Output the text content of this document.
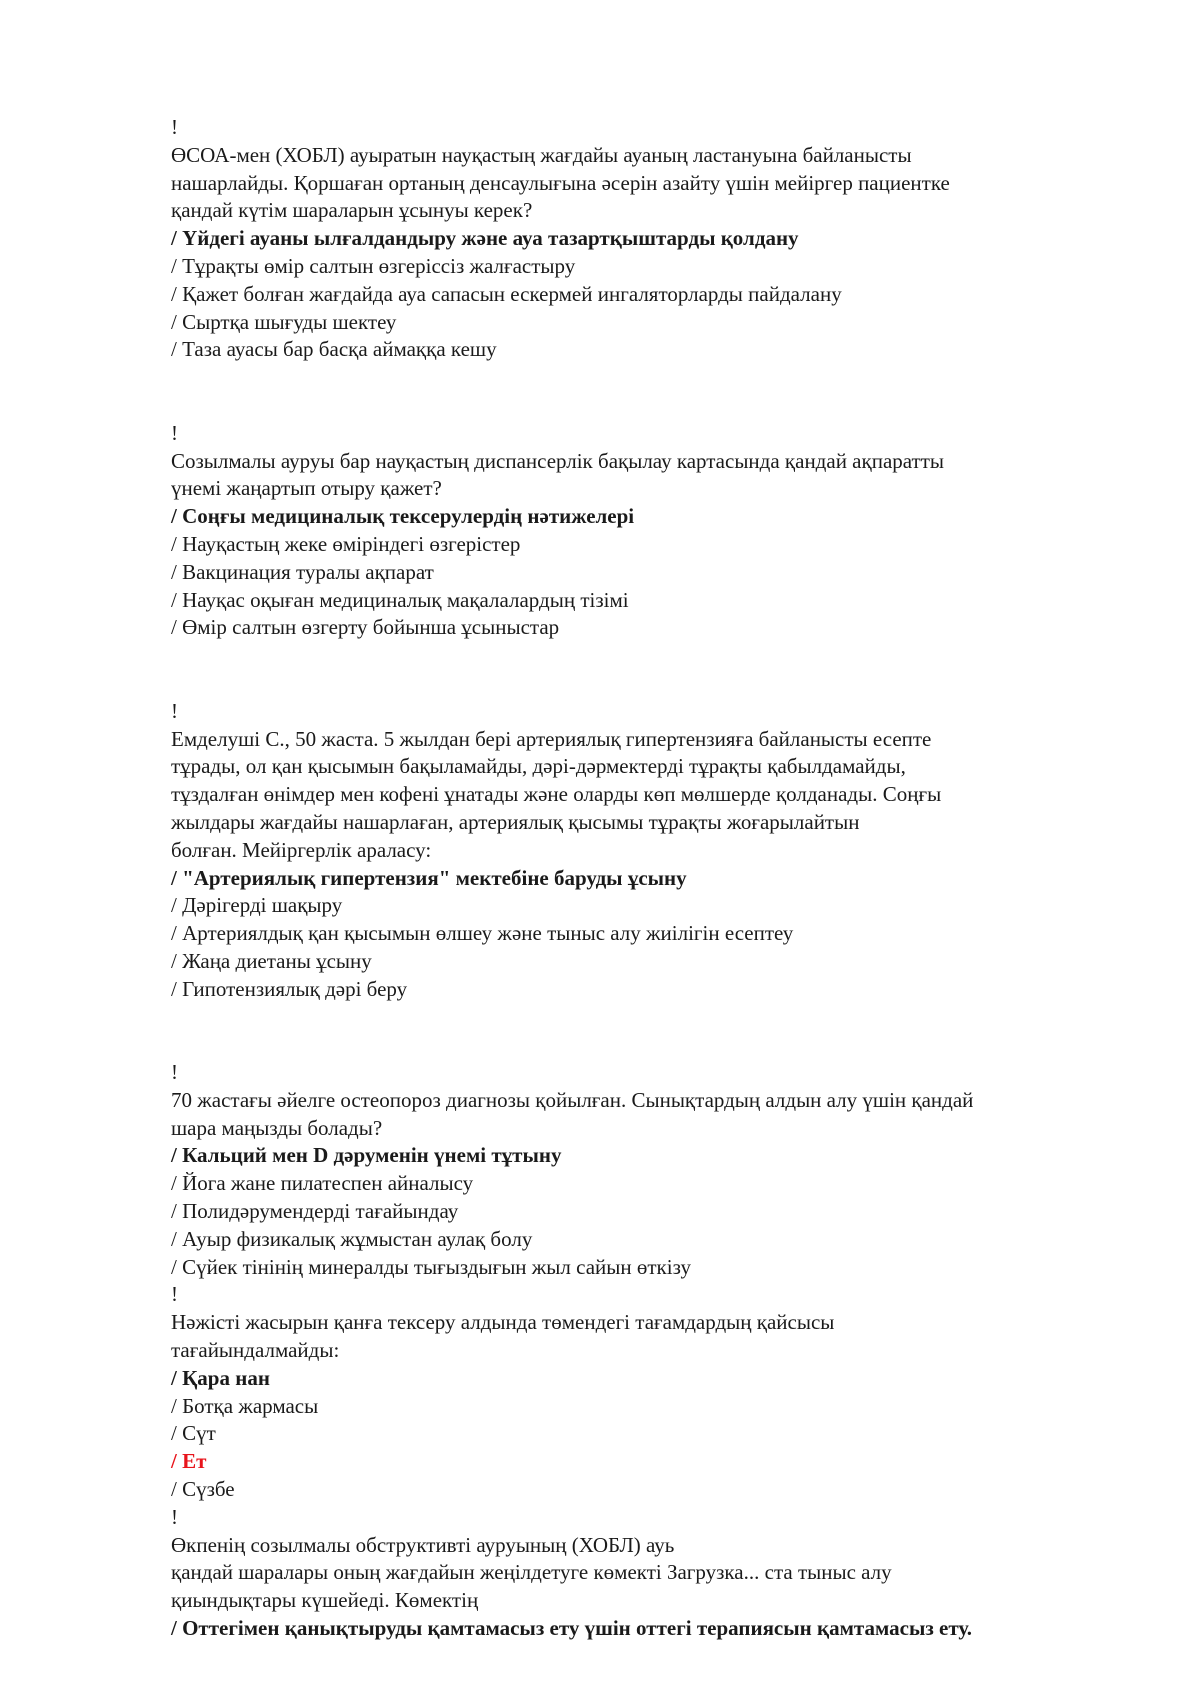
!

ӨСОА-мен (ХОБЛ) ауыратын науқастың жағдайы ауаның ластануына байланысты

нашарлайды. Қоршаған ортаның денсаулығына әсерін азайту үшін мейіргер пациентке

қандай күтім шараларын ұсынуы керек?

/ Үйдегі ауаны ылғалдандыру және ауа тазартқыштарды қолдану

/ Тұрақты өмір салтын өзгеріссіз жалғастыру

/ Қажет болған жағдайда ауа сапасын ескермей ингаляторларды пайдалану

/ Сыртқа шығуды шектеу

/ Таза ауасы бар басқа аймаққа кешу

!

Созылмалы ауруы бар науқастың диспансерлік бақылау картасында қандай ақпаратты

үнемі жаңартып отыру қажет?

/ Соңғы медициналық тексерулердің нәтижелері

/ Науқастың жеке өміріндегі өзгерістер

/ Вакцинация туралы ақпарат

/ Науқас оқыған медициналық мақалалардың тізімі

/ Өмір салтын өзгерту бойынша ұсыныстар

!

Емделуші С., 50 жаста. 5 жылдан бері артериялық гипертензияға байланысты есепте

тұрады, ол қан қысымын бақыламайды, дәрі-дәрмектерді тұрақты қабылдамайды,

тұздалған өнімдер мен кофені ұнатады және оларды көп мөлшерде қолданады. Соңғы

жылдары жағдайы нашарлаған, артериялық қысымы тұрақты жоғарылайтын

болған. Мейіргерлік араласу:

/ "Артериялық гипертензия" мектебіне баруды ұсыну

/ Дәрігерді шақыру

/ Артериялдық қан қысымын өлшеу және тыныс алу жиілігін есептеу

/ Жаңа диетаны ұсыну

/ Гипотензиялық дәрі беру

!

70 жастағы әйелге остеопороз диагнозы қойылған. Сынықтардың алдын алу үшін қандай

шара маңызды болады?

/ Кальций мен D дәруменін үнемі тұтыну

/ Йога жане пилатеспен айналысу

/ Полидәрумендерді тағайындау

/ Ауыр физикалық жұмыстан аулақ болу

/ Сүйек тінінің минералды тығыздығын жыл сайын өткізу

!

Нәжісті жасырын қанға тексеру алдында төмендегі тағамдардың қайсысы

тағайындалмайды:

/ Қара нан

/ Ботқа жармасы

/ Сүт

/ Ет

/ Сүзбе

!

Өкпенің созылмалы обструктивті ауруының (ХОБЛ) ауь

қандай шаралары оның жағдайын жеңілдетуге көмекті Загрузка... ста тыныс алу

қиындықтары күшейеді. Көмектің

/ Оттегімен қанықтыруды қамтамасыз ету үшін оттегі терапиясын қамтамасыз ету.
